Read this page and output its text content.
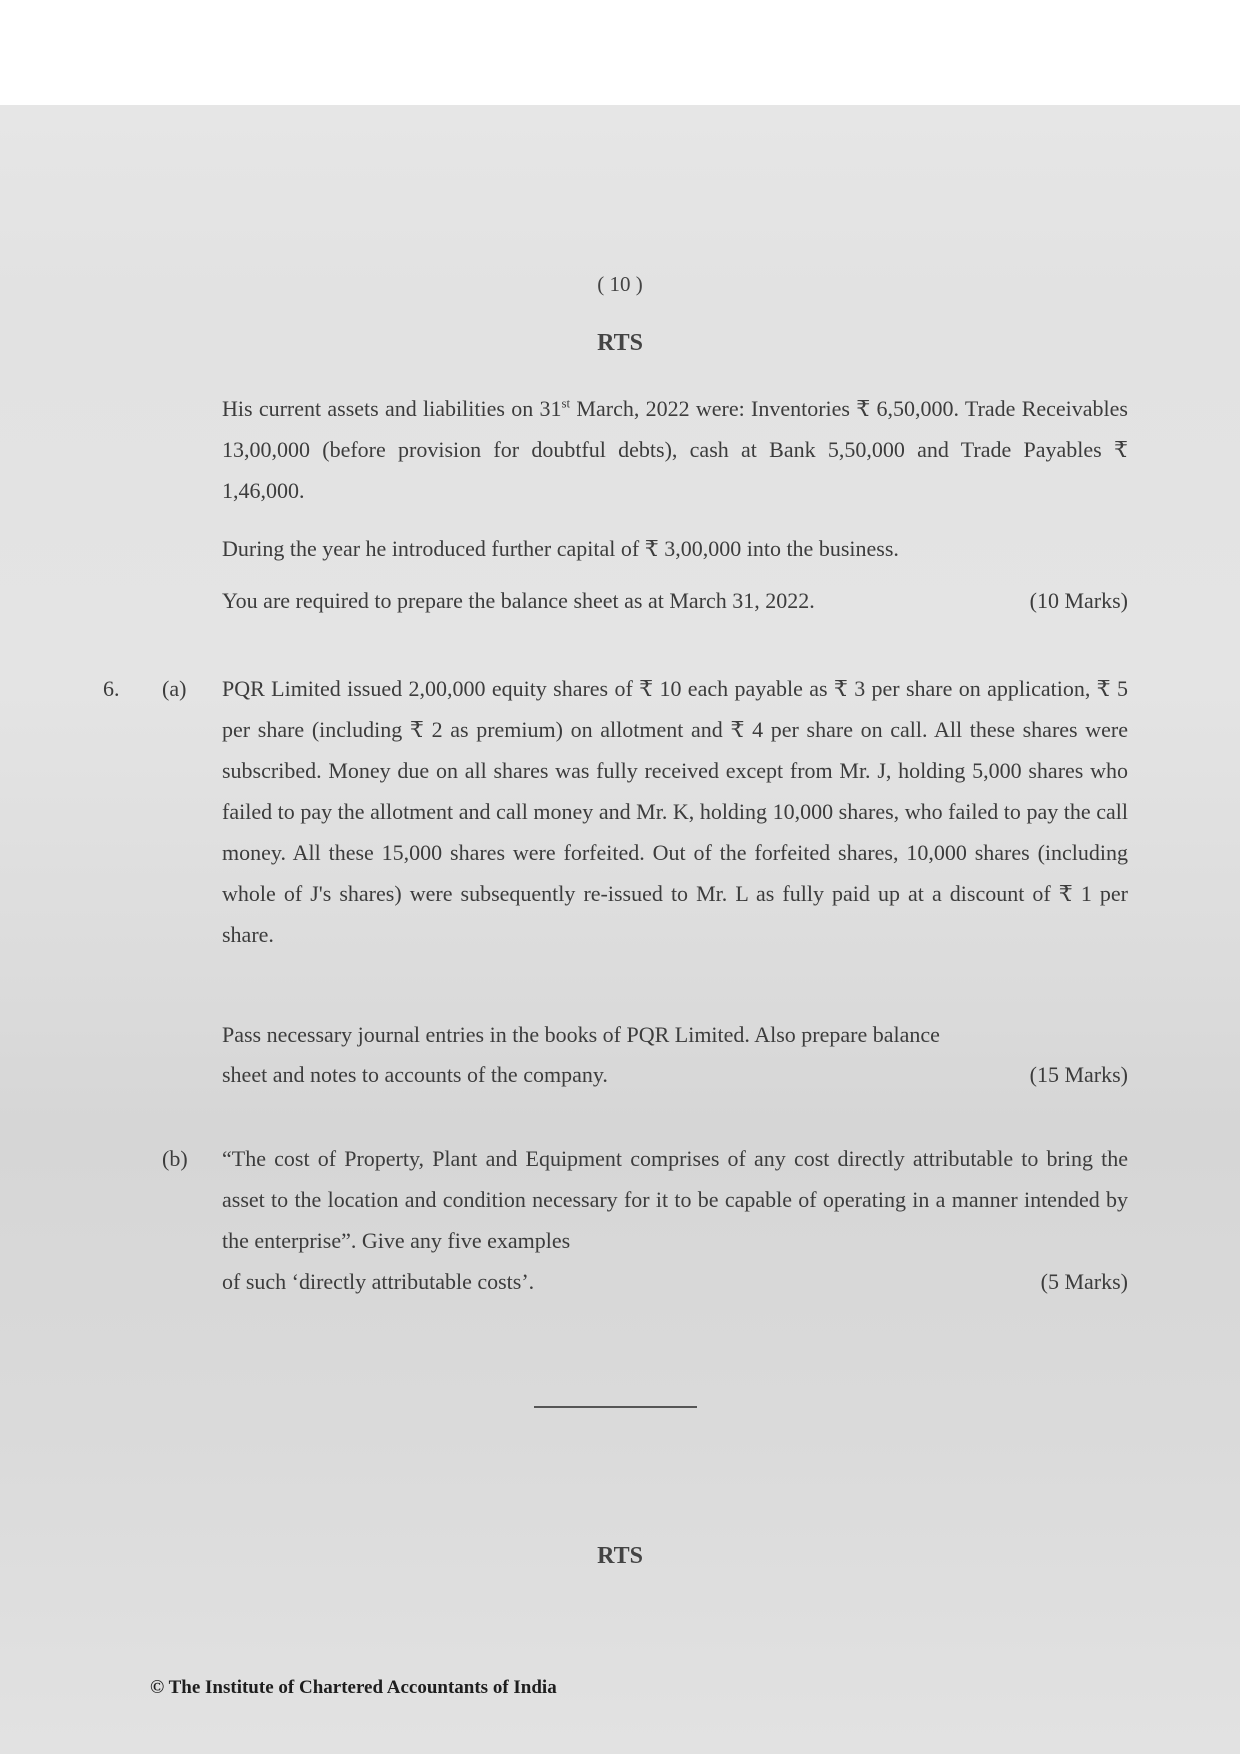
( 10 )
RTS
His current assets and liabilities on 31st March, 2022 were: Inventories ₹ 6,50,000. Trade Receivables 13,00,000 (before provision for doubtful debts), cash at Bank 5,50,000 and Trade Payables ₹ 1,46,000.
During the year he introduced further capital of ₹ 3,00,000 into the business.
You are required to prepare the balance sheet as at March 31, 2022.	(10 Marks)
6. (a) PQR Limited issued 2,00,000 equity shares of ₹ 10 each payable as ₹ 3 per share on application, ₹ 5 per share (including ₹ 2 as premium) on allotment and ₹ 4 per share on call. All these shares were subscribed. Money due on all shares was fully received except from Mr. J, holding 5,000 shares who failed to pay the allotment and call money and Mr. K, holding 10,000 shares, who failed to pay the call money. All these 15,000 shares were forfeited. Out of the forfeited shares, 10,000 shares (including whole of J's shares) were subsequently re-issued to Mr. L as fully paid up at a discount of ₹ 1 per share.
Pass necessary journal entries in the books of PQR Limited. Also prepare balance
sheet and notes to accounts of the company.	(15 Marks)
(b) “The cost of Property, Plant and Equipment comprises of any cost directly attributable to bring the asset to the location and condition necessary for it to be capable of operating in a manner intended by the enterprise”. Give any five examples
of such ‘directly attributable costs’.	(5 Marks)
RTS
© The Institute of Chartered Accountants of India
